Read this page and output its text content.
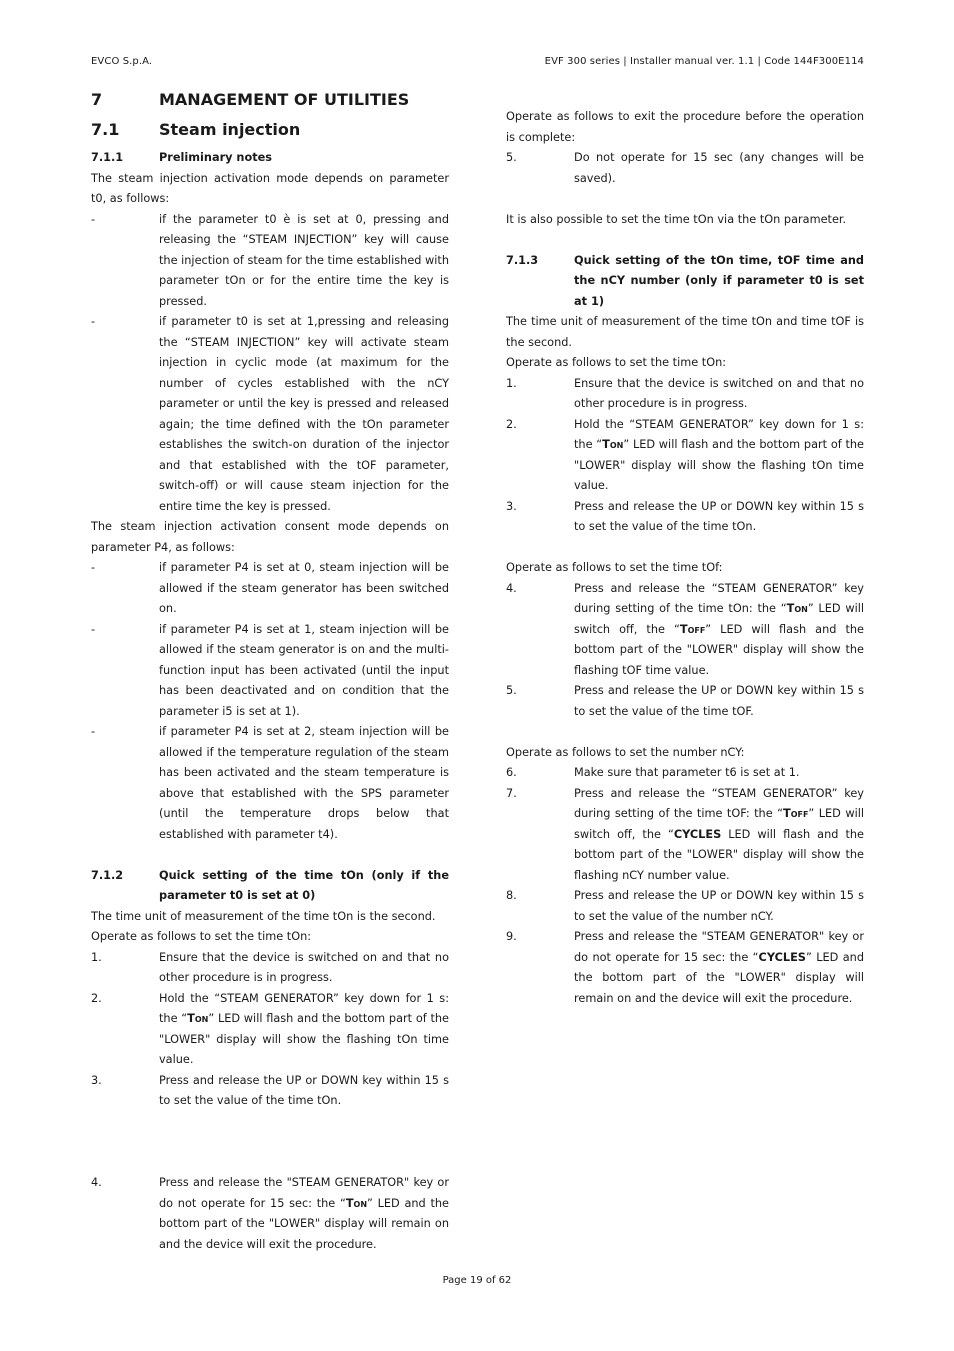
EVCO S.p.A.	EVF 300 series | Installer manual ver. 1.1 | Code 144F300E114
7	MANAGEMENT OF UTILITIES
7.1	Steam injection
7.1.1	Preliminary notes

The steam injection activation mode depends on parameter t0, as follows:

-	if the parameter t0 è is set at 0, pressing and releasing the “STEAM INJECTION” key will cause the injection of steam for the time established with parameter tOn or for the entire time the key is pressed.
-	if parameter t0 is set at 1,pressing and releasing the “STEAM INJECTION” key will activate steam injection in cyclic mode (at maximum for the number of cycles established with the nCY parameter or until the key is pressed and released again; the time defined with the tOn parameter establishes the switch-on duration of the injector and that established with the tOF parameter, switch-off) or will cause steam injection for the entire time the key is pressed.

The steam injection activation consent mode depends on parameter P4, as follows:

-	if parameter P4 is set at 0, steam injection will be allowed if the steam generator has been switched on.
-	if parameter P4 is set at 1, steam injection will be allowed if the steam generator is on and the multi-function input has been activated (until the input has been deactivated and on condition that the parameter i5 is set at 1).
-	if parameter P4 is set at 2, steam injection will be allowed if the temperature regulation of the steam has been activated and the steam temperature is above that established with the SPS parameter (until the temperature drops below that established with parameter t4).
7.1.2	Quick setting of the time tOn (only if the parameter t0 is set at 0)

The time unit of measurement of the time tOn is the second.

Operate as follows to set the time tOn:

1.	Ensure that the device is switched on and that no other procedure is in progress.
2.	Hold the “STEAM GENERATOR” key down for 1 s: the “Ton” LED will flash and the bottom part of the "LOWER" display will show the flashing tOn time value.
3.	Press and release the UP or DOWN key within 15 s to set the value of the time tOn.
4.	Press and release the "STEAM GENERATOR" key or do not operate for 15 sec: the “Ton” LED and the bottom part of the "LOWER" display will remain on and the device will exit the procedure.

Operate as follows to exit the procedure before the operation is complete:

5.	Do not operate for 15 sec (any changes will be saved).

It is also possible to set the time tOn via the tOn parameter.

7.1.3	Quick setting of the tOn time, tOF time and the nCY number (only if parameter t0 is set at 1)

The time unit of measurement of the time tOn and time tOF is the second.

Operate as follows to set the time tOn:

1.	Ensure that the device is switched on and that no other procedure is in progress.
2.	Hold the “STEAM GENERATOR” key down for 1 s: the “Ton” LED will flash and the bottom part of the "LOWER" display will show the flashing tOn time value.
3.	Press and release the UP or DOWN key within 15 s to set the value of the time tOn.

Operate as follows to set the time tOf:

4.	Press and release the “STEAM GENERATOR” key during setting of the time tOn: the “Ton” LED will switch off, the “Toff” LED will flash and the bottom part of the "LOWER" display will show the flashing tOF time value.
5.	Press and release the UP or DOWN key within 15 s to set the value of the time tOF.

Operate as follows to set the number nCY:

6.	Make sure that parameter t6 is set at 1.
7.	Press and release the “STEAM GENERATOR” key during setting of the time tOF: the “Toff” LED will switch off, the “CYCLES LED will flash and the bottom part of the "LOWER" display will show the flashing nCY number value.
8.	Press and release the UP or DOWN key within 15 s to set the value of the number nCY.
9.	Press and release the "STEAM GENERATOR" key or do not operate for 15 sec: the “CYCLES” LED and the bottom part of the "LOWER" display will remain on and the device will exit the procedure.
Page 19 of 62
